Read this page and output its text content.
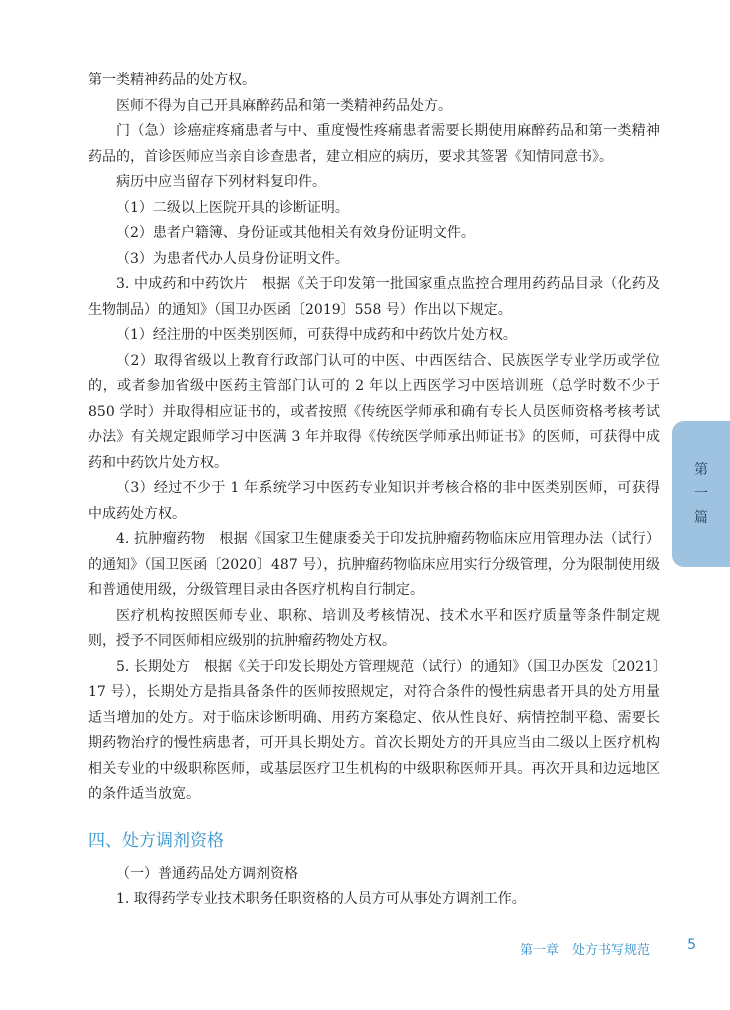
第一类精神药品的处方权。

医师不得为自己开具麻醉药品和第一类精神药品处方。

门（急）诊癌症疼痛患者与中、重度慢性疼痛患者需要长期使用麻醉药品和第一类精神药品的，首诊医师应当亲自诊查患者，建立相应的病历，要求其签署《知情同意书》。

病历中应当留存下列材料复印件。

（1）二级以上医院开具的诊断证明。

（2）患者户籍簿、身份证或其他相关有效身份证明文件。

（3）为患者代办人员身份证明文件。

3. 中成药和中药饮片　根据《关于印发第一批国家重点监控合理用药药品目录（化药及生物制品）的通知》（国卫办医函〔2019〕558 号）作出以下规定。

（1）经注册的中医类别医师，可获得中成药和中药饮片处方权。

（2）取得省级以上教育行政部门认可的中医、中西医结合、民族医学专业学历或学位的，或者参加省级中医药主管部门认可的 2 年以上西医学习中医培训班（总学时数不少于 850 学时）并取得相应证书的，或者按照《传统医学师承和确有专长人员医师资格考核考试办法》有关规定跟师学习中医满 3 年并取得《传统医学师承出师证书》的医师，可获得中成药和中药饮片处方权。

（3）经过不少于 1 年系统学习中医药专业知识并考核合格的非中医类别医师，可获得中成药处方权。

4. 抗肿瘤药物　根据《国家卫生健康委关于印发抗肿瘤药物临床应用管理办法（试行）的通知》（国卫医函〔2020〕487 号），抗肿瘤药物临床应用实行分级管理，分为限制使用级和普通使用级，分级管理目录由各医疗机构自行制定。

医疗机构按照医师专业、职称、培训及考核情况、技术水平和医疗质量等条件制定规则，授予不同医师相应级别的抗肿瘤药物处方权。

5. 长期处方　根据《关于印发长期处方管理规范（试行）的通知》（国卫办医发〔2021〕17 号），长期处方是指具备条件的医师按照规定，对符合条件的慢性病患者开具的处方用量适当增加的处方。对于临床诊断明确、用药方案稳定、依从性良好、病情控制平稳、需要长期药物治疗的慢性病患者，可开具长期处方。首次长期处方的开具应当由二级以上医疗机构相关专业的中级职称医师，或基层医疗卫生机构的中级职称医师开具。再次开具和边远地区的条件适当放宽。

四、处方调剂资格

（一）普通药品处方调剂资格

1. 取得药学专业技术职务任职资格的人员方可从事处方调剂工作。

第
一
篇
第一章　处方书写规范	5
